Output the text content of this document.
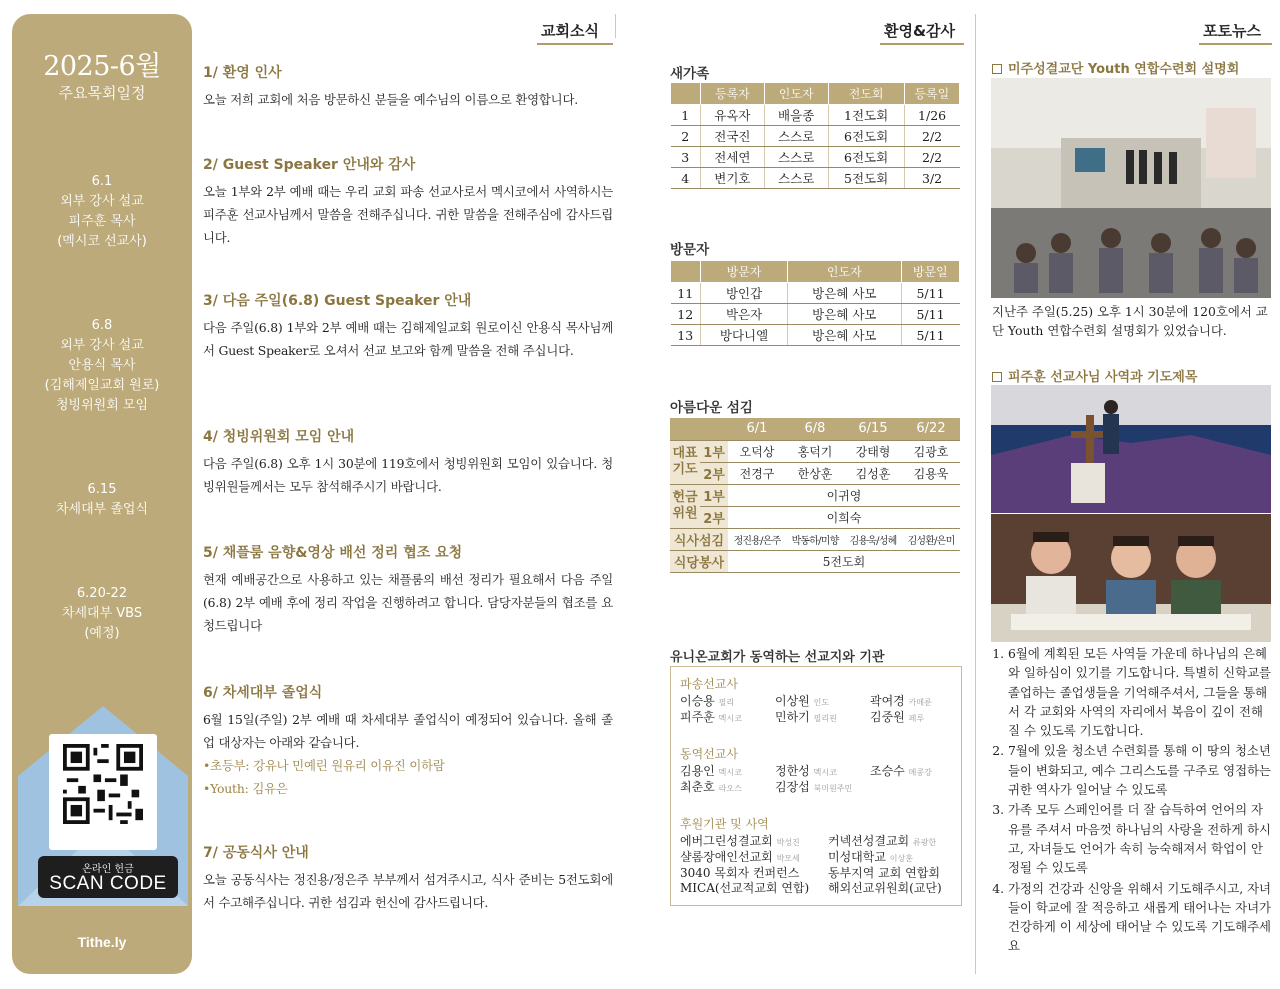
2025-6월
주요목회일정
6.1
외부 강사 설교
피주훈 목사
(멕시코 선교사)
6.8
외부 강사 설교
안용식 목사
(김해제일교회 원로)
청빙위원회 모임
6.15
차세대부 졸업식
6.20-22
차세대부 VBS
(예정)
온라인 헌금
SCAN CODE
Tithe.ly
교회소식	환영&감사	포토뉴스
1/ 환영 인사
오늘 저희 교회에 처음 방문하신 분들을 예수님의 이름으로 환영합니다.
2/ Guest Speaker 안내와 감사
오늘 1부와 2부 예배 때는 우리 교회 파송 선교사로서 멕시코에서 사역하시는 피주훈 선교사님께서 말씀을 전해주십니다. 귀한 말씀을 전해주심에 감사드립니다.
3/ 다음 주일(6.8) Guest Speaker 안내
다음 주일(6.8) 1부와 2부 예배 때는 김해제일교회 원로이신 안용식 목사님께서 Guest Speaker로 오셔서 선교 보고와 함께 말씀을 전해 주십니다.
4/ 청빙위원회 모임 안내
다음 주일(6.8) 오후 1시 30분에 119호에서 청빙위원회 모임이 있습니다. 청빙위원들께서는 모두 참석해주시기 바랍니다.
5/ 채플룸 음향&영상 배선 정리 협조 요청
현재 예배공간으로 사용하고 있는 채플룸의 배선 정리가 필요해서 다음 주일(6.8) 2부 예배 후에 정리 작업을 진행하려고 합니다. 담당자분들의 협조를 요청드립니다
6/ 차세대부 졸업식
6월 15일(주일) 2부 예배 때 차세대부 졸업식이 예정되어 있습니다. 올해 졸업 대상자는 아래와 같습니다.
•초등부: 강유나 민예린 원유리 이유진 이하람
•Youth: 김유은
7/ 공동식사 안내
오늘 공동식사는 정진용/정은주 부부께서 섬겨주시고, 식사 준비는 5전도회에서 수고해주십니다. 귀한 섬김과 헌신에 감사드립니다.
새가족
	등록자	인도자	전도회	등록일
1	유옥자	배을종	1전도회	1/26
2	전국진	스스로	6전도회	2/2
3	전세연	스스로	6전도회	2/2
4	변기호	스스로	5전도회	3/2
방문자
	방문자	인도자	방문일
11	방인갑	방은혜 사모	5/11
12	박은자	방은혜 사모	5/11
13	방다니엘	방은혜 사모	5/11
아름다운 섬김
		6/1	6/8	6/15	6/22
대표 기도	1부	오덕상	홍덕기	강태형	김광호
	2부	전경구	한상훈	김성훈	김용욱
헌금 위원	1부	이귀영			
	2부	이희숙			
식사섬김		정진용/은주	박동하/미향	김용욱/성혜	김성환/은미
식당봉사		5전도회			
유니온교회가 동역하는 선교지와 기관
파송선교사
이승용 필리	이상원 인도	곽여경 카메룬
피주훈 멕시코	민하기 필리핀	김중원 페루
동역선교사
김용인 멕시코	정한성 멕시코	조승수 메콩강
최춘호 라오스	김장섭 북미원주민
후원기관 및 사역
에버그린성결교회 박성진	커넥션성결교회 류광한
샬롬장애인선교회 박모세	미성대학교 이상훈
3040 목회자 컨퍼런스	동부지역 교회 연합회
MICA(선교적교회 연합)	해외선교위원회(교단)
미주성결교단 Youth 연합수련회 설명회
지난주 주일(5.25) 오후 1시 30분에 120호에서 교단 Youth 연합수련회 설명회가 있었습니다.
피주훈 선교사님 사역과 기도제목
1. 6월에 계획된 모든 사역들 가운데 하나님의 은혜와 일하심이 있기를 기도합니다. 특별히 신학교를 졸업하는 졸업생들을 기억해주셔서, 그들을 통해서 각 교회와 사역의 자리에서 복음이 깊이 전해질 수 있도록 기도합니다.
2. 7월에 있을 청소년 수련회를 통해 이 땅의 청소년들이 변화되고, 예수 그리스도를 구주로 영접하는 귀한 역사가 일어날 수 있도록
3. 가족 모두 스페인어를 더 잘 습득하여 언어의 자유를 주셔서 마음껏 하나님의 사랑을 전하게 하시고, 자녀들도 언어가 속히 능숙해져서 학업이 안정될 수 있도록
4. 가정의 건강과 신앙을 위해서 기도해주시고, 자녀들이 학교에 잘 적응하고 새롭게 태어나는 자녀가 건강하게 이 세상에 태어날 수 있도록 기도해주세요
